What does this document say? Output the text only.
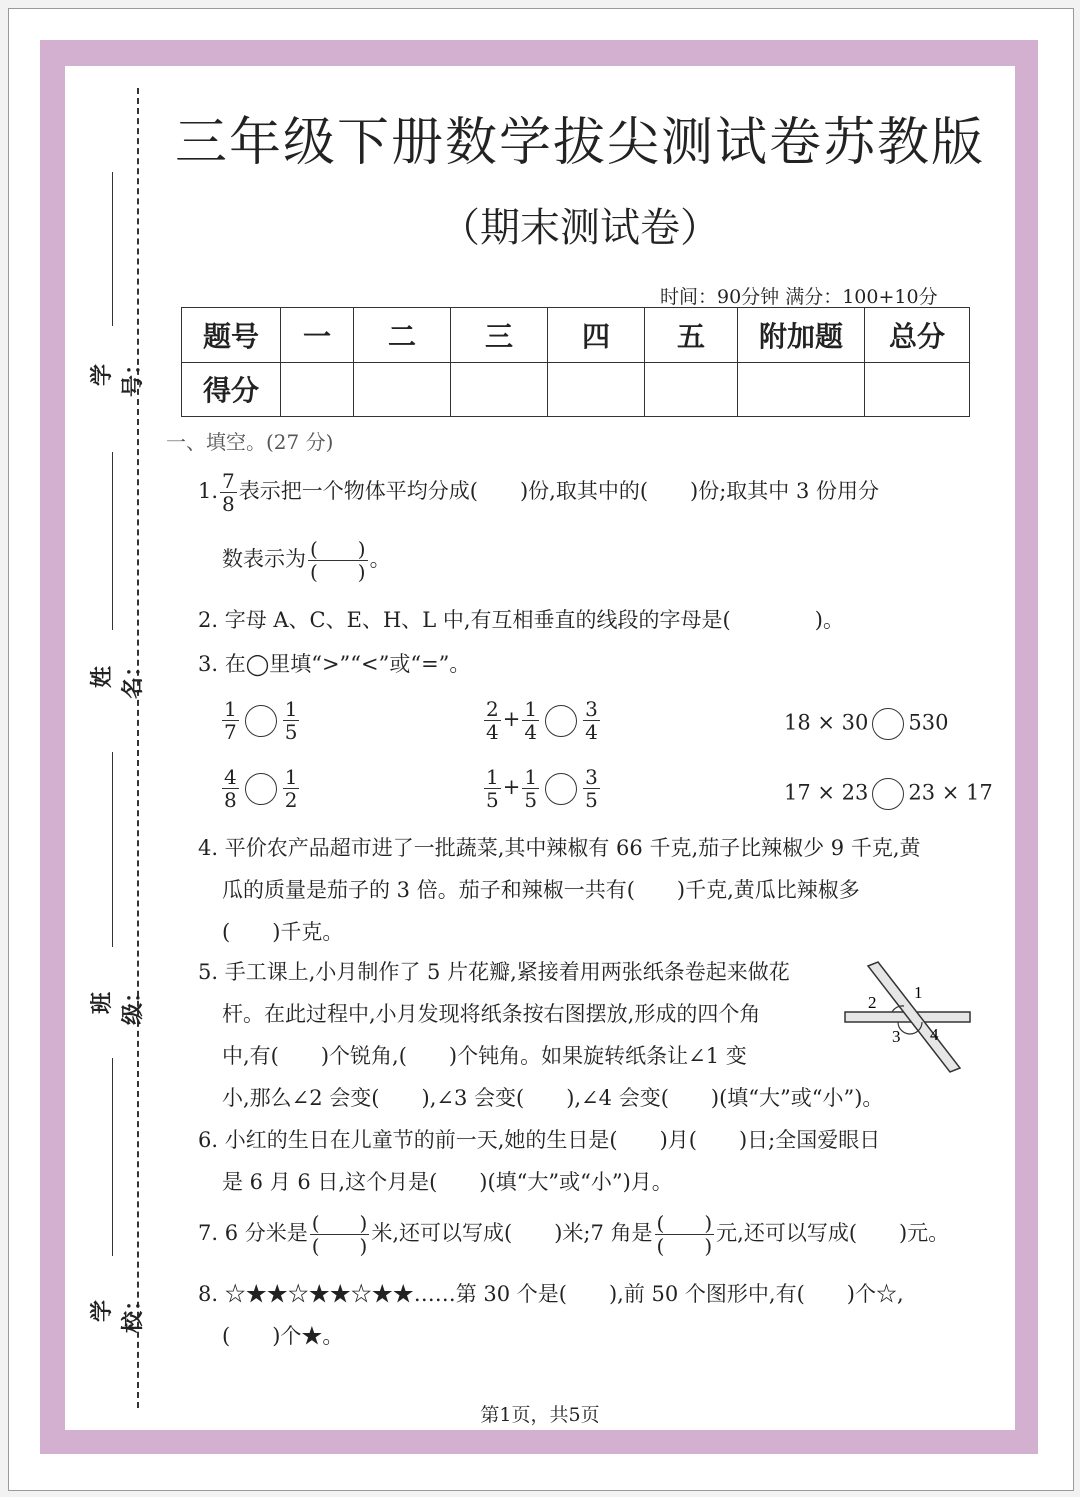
学号：
姓名：
班级：
学校：
三年级下册数学拔尖测试卷苏教版
（期末测试卷）
时间：90分钟 满分：100+10分
题号	一	二	三	四	五	附加题	总分
得分							
一、填空。(27 分)
1. $\frac{7}{8}$ 表示把一个物体平均分成(　　)份,取其中的(　　)份;取其中 3 份用分
数表示为 $\frac{( )}{( )}$ 。
2. 字母 A、C、E、H、L 中,有互相垂直的线段的字母是(　　　　)。
3. 在◯里填“>”“<”或“=”。
$\frac{1}{7} \frac{1}{5}$	$\frac{2}{4} + \frac{1}{4} \frac{3}{4}$	18 × 30 530
$\frac{4}{8} \frac{1}{2}$	$\frac{1}{5} + \frac{1}{5} \frac{3}{5}$	17 × 23 23 × 17
4. 平价农产品超市进了一批蔬菜,其中辣椒有 66 千克,茄子比辣椒少 9 千克,黄
瓜的质量是茄子的 3 倍。茄子和辣椒一共有(　　)千克,黄瓜比辣椒多
(　　)千克。
5. 手工课上,小月制作了 5 片花瓣,紧接着用两张纸条卷起来做花
杆。在此过程中,小月发现将纸条按右图摆放,形成的四个角
中,有(　　)个锐角,(　　)个钝角。如果旋转纸条让∠1 变
小,那么∠2 会变(　　),∠3 会变(　　),∠4 会变(　　)(填“大”或“小”)。
1
2
3 4
6. 小红的生日在儿童节的前一天,她的生日是(　　)月(　　)日;全国爱眼日
是 6 月 6 日,这个月是(　　)(填“大”或“小”)月。
7. 6 分米是 $\frac{( )}{( )}$ 米,还可以写成(　　)米;7 角是 $\frac{( )}{( )}$ 元,还可以写成(　　)元。
8. ☆★★☆★★☆★★……第 30 个是(　　),前 50 个图形中,有(　　)个☆,
(　　)个★。
第1页，共5页
